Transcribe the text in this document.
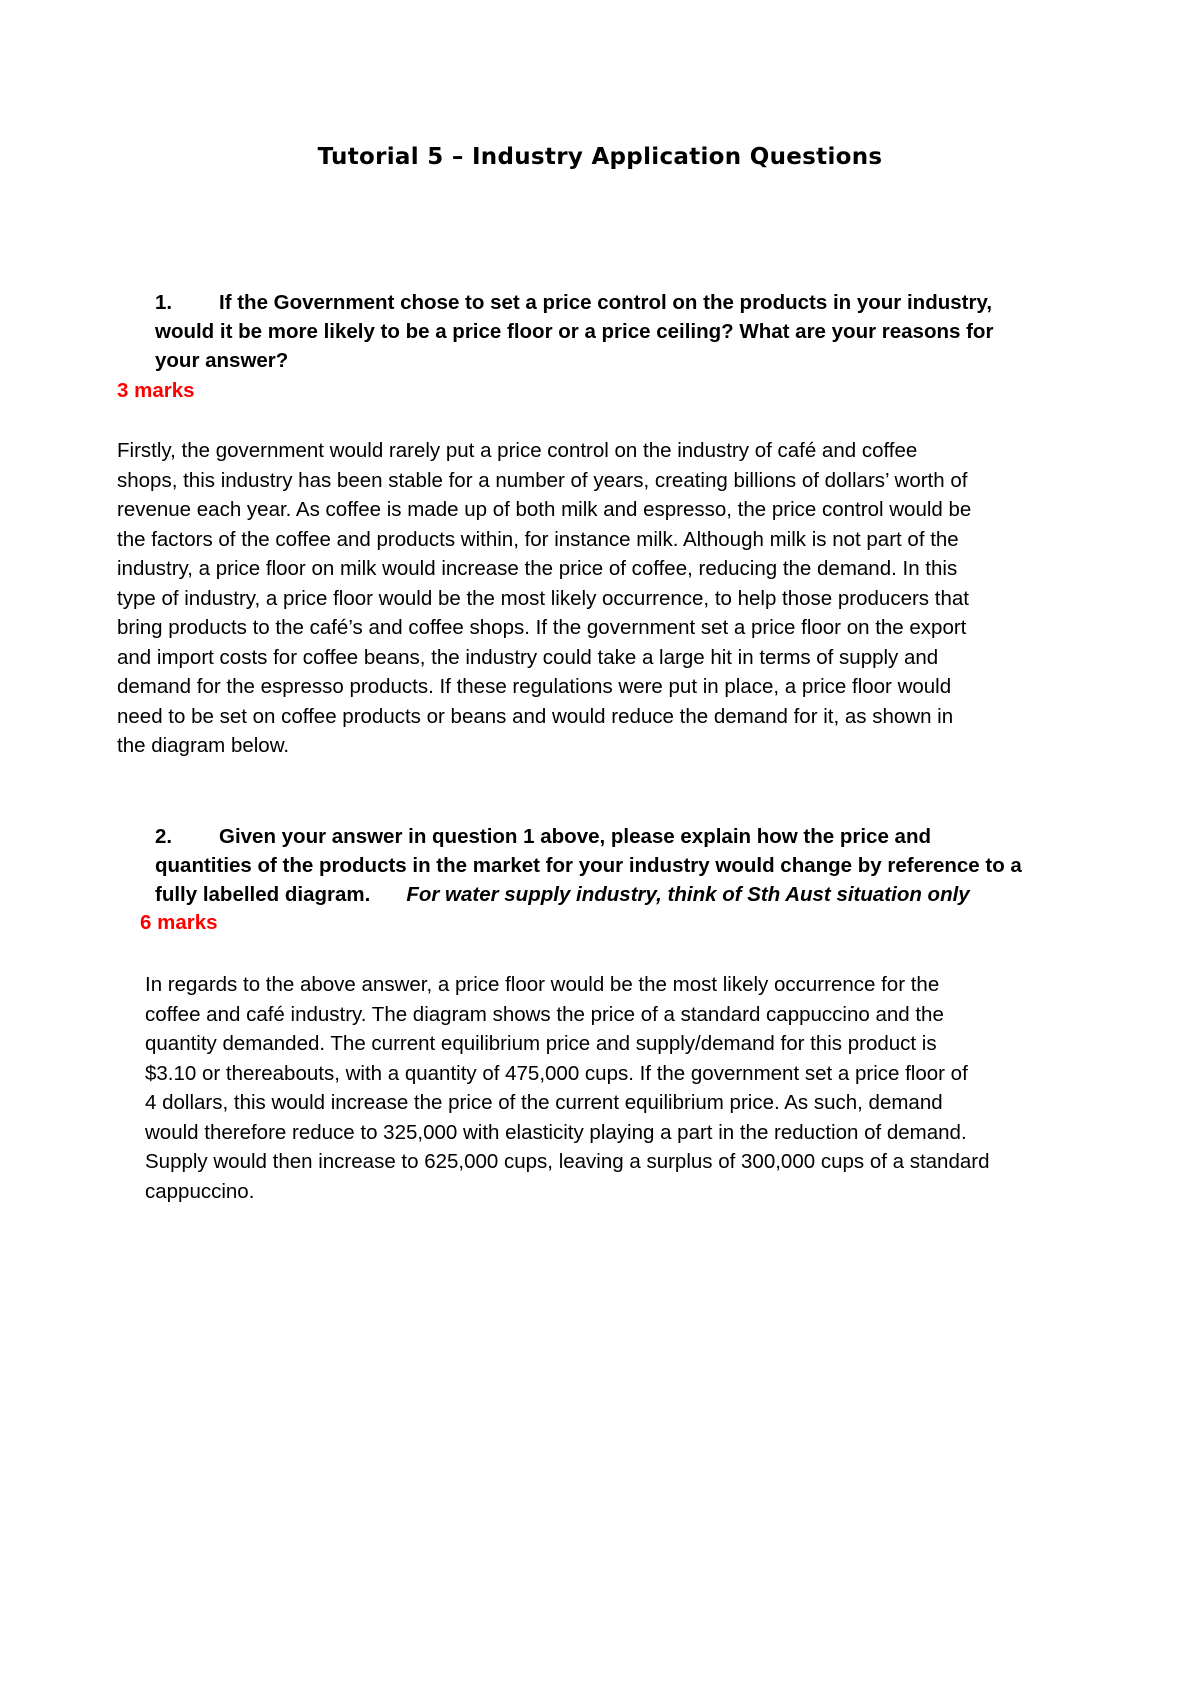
Tutorial 5 – Industry Application Questions
1.	If the Government chose to set a price control on the products in your industry,
would it be more likely to be a price floor or a price ceiling? What are your reasons for
your answer?
3 marks

Firstly, the government would rarely put a price control on the industry of café and coffee

shops, this industry has been stable for a number of years, creating billions of dollars’ worth of

revenue each year. As coffee is made up of both milk and espresso, the price control would be

the factors of the coffee and products within, for instance milk. Although milk is not part of the

industry, a price floor on milk would increase the price of coffee, reducing the demand. In this

type of industry, a price floor would be the most likely occurrence, to help those producers that

bring products to the café’s and coffee shops. If the government set a price floor on the export

and import costs for coffee beans, the industry could take a large hit in terms of supply and

demand for the espresso products. If these regulations were put in place, a price floor would

need to be set on coffee products or beans and would reduce the demand for it, as shown in

the diagram below.

2.	Given your answer in question 1 above, please explain how the price and
quantities of the products in the market for your industry would change by reference to a
fully labelled diagram. For water supply industry, think of Sth Aust situation only
6 marks

In regards to the above answer, a price floor would be the most likely occurrence for the

coffee and café industry. The diagram shows the price of a standard cappuccino and the

quantity demanded. The current equilibrium price and supply/demand for this product is

$3.10 or thereabouts, with a quantity of 475,000 cups. If the government set a price floor of

4 dollars, this would increase the price of the current equilibrium price. As such, demand

would therefore reduce to 325,000 with elasticity playing a part in the reduction of demand.

Supply would then increase to 625,000 cups, leaving a surplus of 300,000 cups of a standard

cappuccino.
